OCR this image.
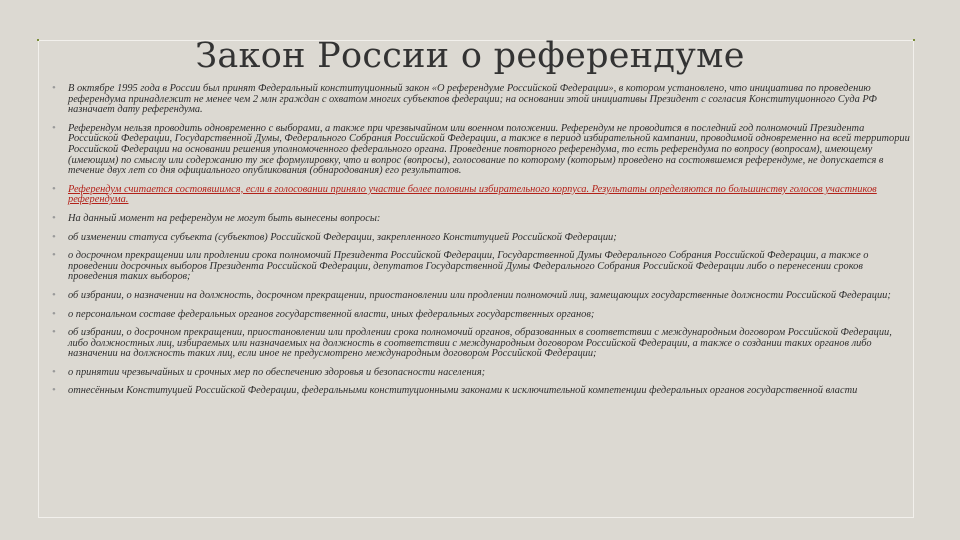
Закон России о референдуме
• В октябре 1995 года в России был принят Федеральный конституционный закон «О референдуме Российской Федерации», в котором установлено, что инициатива по проведению референдума принадлежит не менее чем 2 млн граждан с охватом многих субъектов федерации; на основании этой инициативы Президент с согласия Конституционного Суда РФ назначает дату референдума.
• Референдум нельзя проводить одновременно с выборами, а также при чрезвычайном или военном положении. Референдум не проводится в последний год полномочий Президента Российской Федерации, Государственной Думы, Федерального Собрания Российской Федерации, а также в период избирательной кампании, проводимой одновременно на всей территории Российской Федерации на основании решения уполномоченного федерального органа. Проведение повторного референдума, то есть референдума по вопросу (вопросам), имеющему (имеющим) по смыслу или содержанию ту же формулировку, что и вопрос (вопросы), голосование по которому (которым) проведено на состоявшемся референдуме, не допускается в течение двух лет со дня официального опубликования (обнародования) его результатов.
• Референдум считается состоявшимся, если в голосовании приняло участие более половины избирательного корпуса. Результаты определяются по большинству голосов участников референдума.
• На данный момент на референдум не могут быть вынесены вопросы:
• об изменении статуса субъекта (субъектов) Российской Федерации, закрепленного Конституцией Российской Федерации;
• о досрочном прекращении или продлении срока полномочий Президента Российской Федерации, Государственной Думы Федерального Собрания Российской Федерации, а также о проведении досрочных выборов Президента Российской Федерации, депутатов Государственной Думы Федерального Собрания Российской Федерации либо о перенесении сроков проведения таких выборов;
• об избрании, о назначении на должность, досрочном прекращении, приостановлении или продлении полномочий лиц, замещающих государственные должности Российской Федерации;
• о персональном составе федеральных органов государственной власти, иных федеральных государственных органов;
• об избрании, о досрочном прекращении, приостановлении или продлении срока полномочий органов, образованных в соответствии с международным договором Российской Федерации, либо должностных лиц, избираемых или назначаемых на должность в соответствии с международным договором Российской Федерации, а также о создании таких органов либо назначении на должность таких лиц, если иное не предусмотрено международным договором Российской Федерации;
• о принятии чрезвычайных и срочных мер по обеспечению здоровья и безопасности населения;
• отнесённым Конституцией Российской Федерации, федеральными конституционными законами к исключительной компетенции федеральных органов государственной власти
